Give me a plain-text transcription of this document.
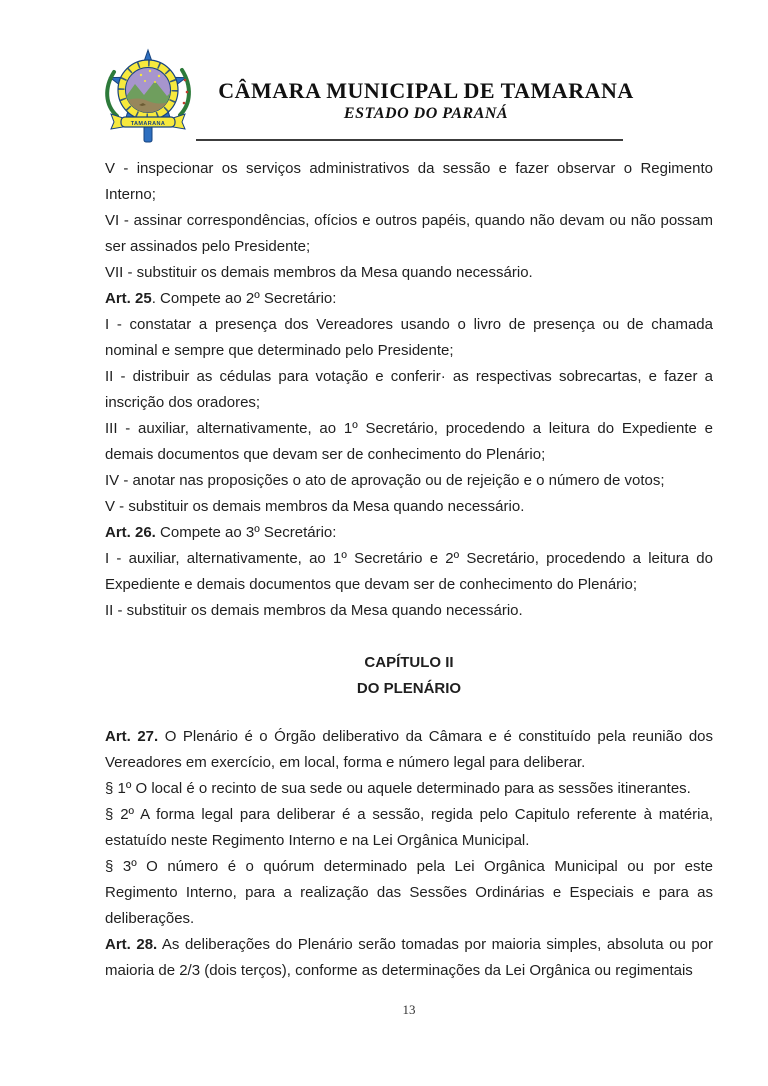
TAMARANA
CÂMARA MUNICIPAL DE TAMARANA
ESTADO DO PARANÁ

V - inspecionar os serviços administrativos da sessão e fazer observar o Regimento Interno;

VI - assinar correspondências, ofícios e outros papéis, quando não devam ou não possam ser assinados pelo Presidente;

VII - substituir os demais membros da Mesa quando necessário.

Art. 25. Compete ao 2º Secretário:

I - constatar a presença dos Vereadores usando o livro de presença ou de chamada nominal e sempre que determinado pelo Presidente;

II - distribuir as cédulas para votação e conferir· as respectivas sobrecartas, e fazer a inscrição dos oradores;

III - auxiliar, alternativamente, ao 1º Secretário, procedendo a leitura do Expediente e demais documentos que devam ser de conhecimento do Plenário;

IV - anotar nas proposições o ato de aprovação ou de rejeição e o número de votos;

V - substituir os demais membros da Mesa quando necessário.

Art. 26. Compete ao 3º Secretário:

I - auxiliar, alternativamente, ao 1º Secretário e 2º Secretário, procedendo a leitura do Expediente e demais documentos que devam ser de conhecimento do Plenário;

II - substituir os demais membros da Mesa quando necessário.

CAPÍTULO II

DO PLENÁRIO

Art. 27. O Plenário é o Órgão deliberativo da Câmara e é constituído pela reunião dos Vereadores em exercício, em local, forma e número legal para deliberar.

§ 1º O local é o recinto de sua sede ou aquele determinado para as sessões itinerantes.

§ 2º A forma legal para deliberar é a sessão, regida pelo Capitulo referente à matéria, estatuído neste Regimento Interno e na Lei Orgânica Municipal.

§ 3º O número é o quórum determinado pela Lei Orgânica Municipal ou por este Regimento Interno, para a realização das Sessões Ordinárias e Especiais e para as deliberações.

Art. 28. As deliberações do Plenário serão tomadas por maioria simples, absoluta ou por maioria de 2/3 (dois terços), conforme as determinações da Lei Orgânica ou regimentais

13
